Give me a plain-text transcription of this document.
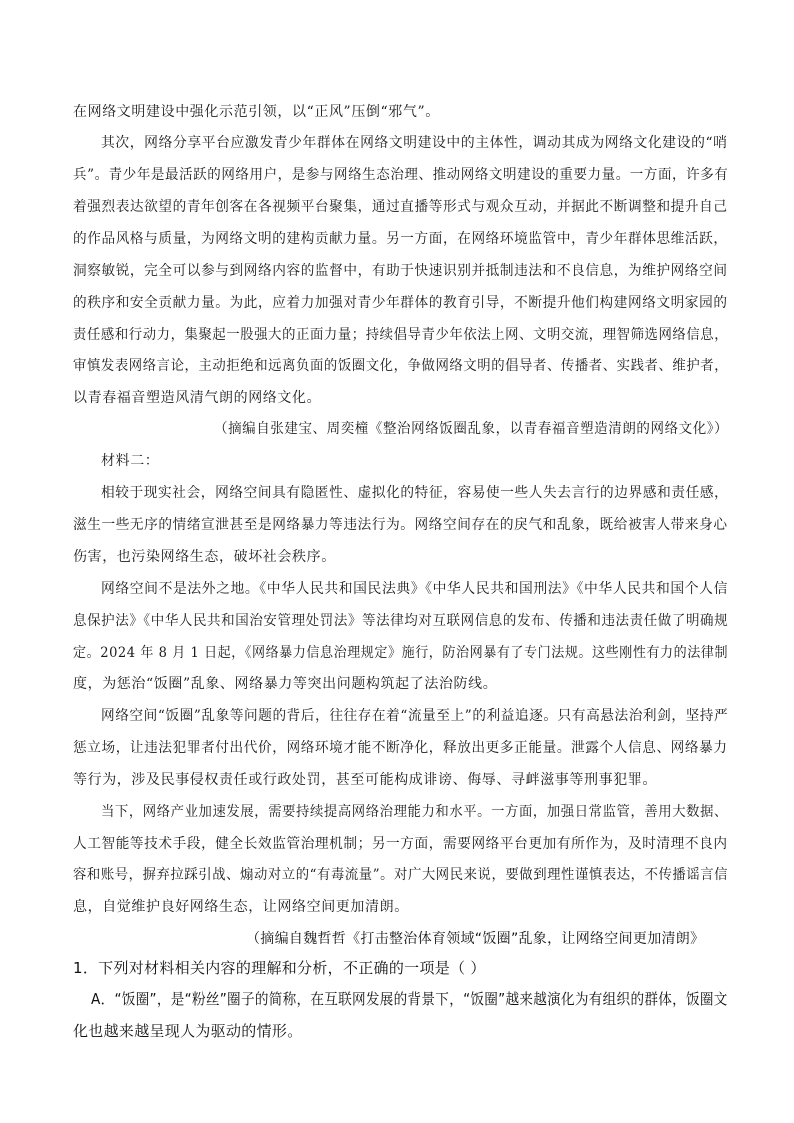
在网络文明建设中强化示范引领，以“正风”压倒“邪气”。
其次，网络分享平台应激发青少年群体在网络文明建设中的主体性，调动其成为网络文化建设的“哨
兵”。青少年是最活跃的网络用户，是参与网络生态治理、推动网络文明建设的重要力量。一方面，许多有
着强烈表达欲望的青年创客在各视频平台聚集，通过直播等形式与观众互动，并据此不断调整和提升自己
的作品风格与质量，为网络文明的建构贡献力量。另一方面，在网络环境监管中，青少年群体思维活跃，
洞察敏锐，完全可以参与到网络内容的监督中，有助于快速识别并抵制违法和不良信息，为维护网络空间
的秩序和安全贡献力量。为此，应着力加强对青少年群体的教育引导，不断提升他们构建网络文明家园的
责任感和行动力，集聚起一股强大的正面力量；持续倡导青少年依法上网、文明交流，理智筛选网络信息，
审慎发表网络言论，主动拒绝和远离负面的饭圈文化，争做网络文明的倡导者、传播者、实践者、维护者，
以青春福音塑造风清气朗的网络文化。
（摘编自张建宝、周奕橦《整治网络饭圈乱象，以青春福音塑造清朗的网络文化》）
材料二：
相较于现实社会，网络空间具有隐匿性、虚拟化的特征，容易使一些人失去言行的边界感和责任感，
滋生一些无序的情绪宣泄甚至是网络暴力等违法行为。网络空间存在的戾气和乱象，既给被害人带来身心
伤害，也污染网络生态，破坏社会秩序。
网络空间不是法外之地。《中华人民共和国民法典》《中华人民共和国刑法》《中华人民共和国个人信
息保护法》《中华人民共和国治安管理处罚法》等法律均对互联网信息的发布、传播和违法责任做了明确规
定。2024 年 8 月 1 日起，《网络暴力信息治理规定》施行，防治网暴有了专门法规。这些刚性有力的法律制
度，为惩治“饭圈”乱象、网络暴力等突出问题构筑起了法治防线。
网络空间“饭圈”乱象等问题的背后，往往存在着“流量至上”的利益追逐。只有高悬法治利剑，坚持严
惩立场，让违法犯罪者付出代价，网络环境才能不断净化，释放出更多正能量。泄露个人信息、网络暴力
等行为，涉及民事侵权责任或行政处罚，甚至可能构成诽谤、侮辱、寻衅滋事等刑事犯罪。
当下，网络产业加速发展，需要持续提高网络治理能力和水平。一方面，加强日常监管，善用大数据、
人工智能等技术手段，健全长效监管治理机制；另一方面，需要网络平台更加有所作为，及时清理不良内
容和账号，摒弃拉踩引战、煽动对立的“有毒流量”。对广大网民来说，要做到理性谨慎表达，不传播谣言信
息，自觉维护良好网络生态，让网络空间更加清朗。
（摘编自魏哲哲《打击整治体育领域“饭圈”乱象，让网络空间更加清朗》
1．下列对材料相关内容的理解和分析，不正确的一项是（ ）
A．“饭圈”，是“粉丝”圈子的简称，在互联网发展的背景下，“饭圈”越来越演化为有组织的群体，饭圈文
化也越来越呈现人为驱动的情形。
